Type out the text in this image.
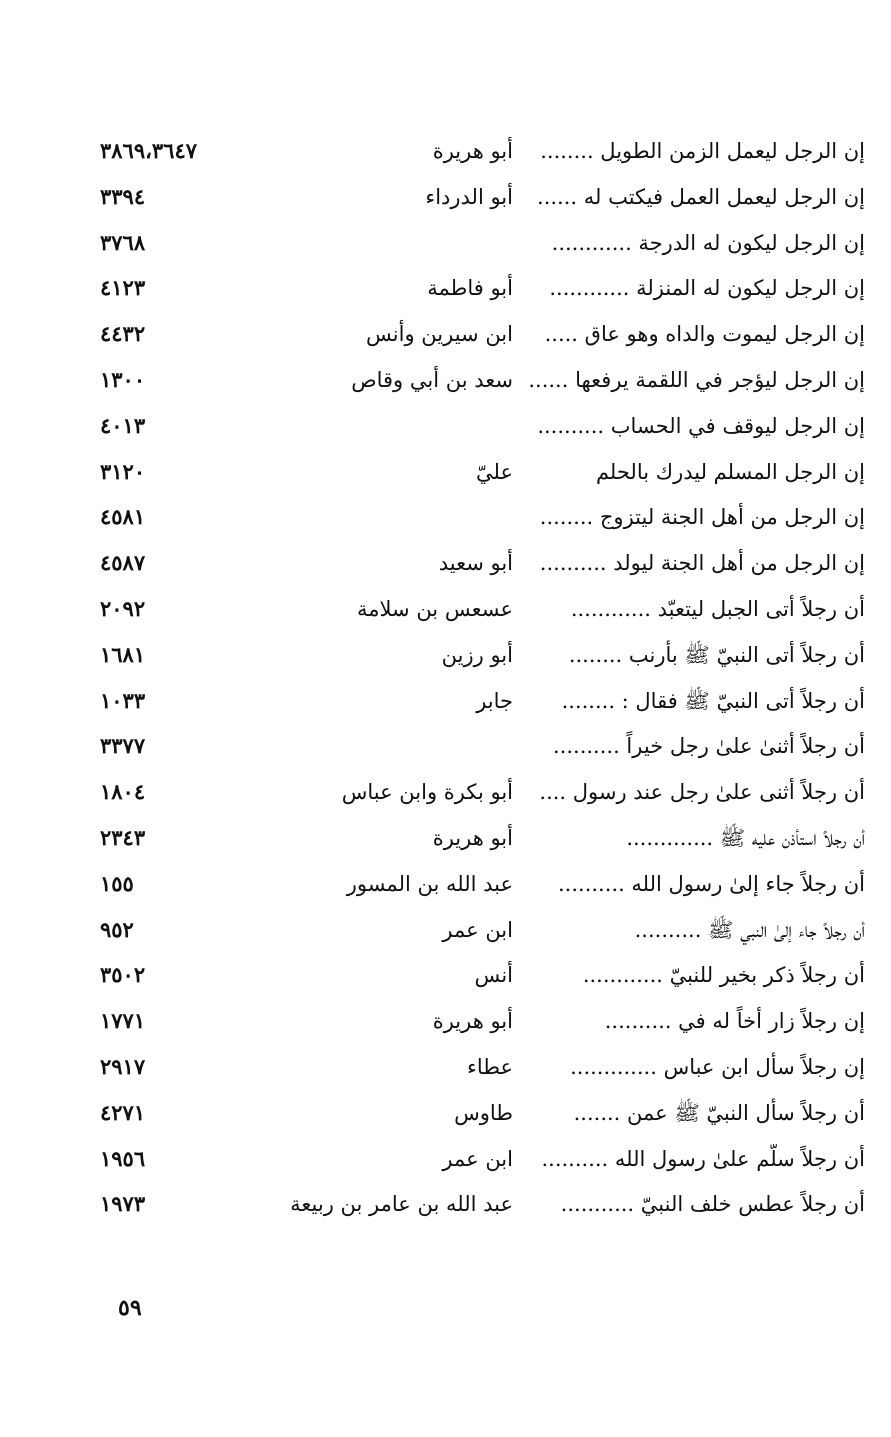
إن الرجل ليعمل الزمن الطويل ........
أبو هريرة
٣٨٦٩،٣٦٤٧
إن الرجل ليعمل العمل فيكتب له ......
أبو الدرداء
٣٣٩٤
إن الرجل ليكون له الدرجة ............
٣٧٦٨
إن الرجل ليكون له المنزلة ............
أبو فاطمة
٤١٢٣
إن الرجل ليموت والداه وهو عاق .....
ابن سيرين وأنس
٤٤٣٢
إن الرجل ليؤجر في اللقمة يرفعها ......
سعد بن أبي وقاص
١٣٠٠
إن الرجل ليوقف في الحساب ..........
٤٠١٣
إن الرجل المسلم ليدرك بالحلم
عليّ
٣١٢٠
إن الرجل من أهل الجنة ليتزوج ........
٤٥٨١
إن الرجل من أهل الجنة ليولد ..........
أبو سعيد
٤٥٨٧
أن رجلاً أتى الجبل ليتعبّد ............
عسعس بن سلامة
٢٠٩٢
أن رجلاً أتى النبيّ ﷺ بأرنب ........
أبو رزين
١٦٨١
أن رجلاً أتى النبيّ ﷺ فقال : ........
جابر
١٠٣٣
أن رجلاً أثنىٰ علىٰ رجل خيراً ..........
٣٣٧٧
أن رجلاً أثنى علىٰ رجل عند رسول ....
أبو بكرة وابن عباس
١٨٠٤
أن رجلاً استأذن عليه ﷺ .............
أبو هريرة
٢٣٤٣
أن رجلاً جاء إلىٰ رسول الله ..........
عبد الله بن المسور
١٥٥
أن رجلاً جاء إلىٰ النبي ﷺ ..........
ابن عمر
٩٥٢
أن رجلاً ذكر بخير للنبيّ ............
أنس
٣٥٠٢
إن رجلاً زار أخاً له في ..........
أبو هريرة
١٧٧١
إن رجلاً سأل ابن عباس .............
عطاء
٢٩١٧
أن رجلاً سأل النبيّ ﷺ عمن .......
طاوس
٤٢٧١
أن رجلاً سلّم علىٰ رسول الله ..........
ابن عمر
١٩٥٦
أن رجلاً عطس خلف النبيّ ...........
عبد الله بن عامر بن ربيعة
١٩٧٣
٥٩
